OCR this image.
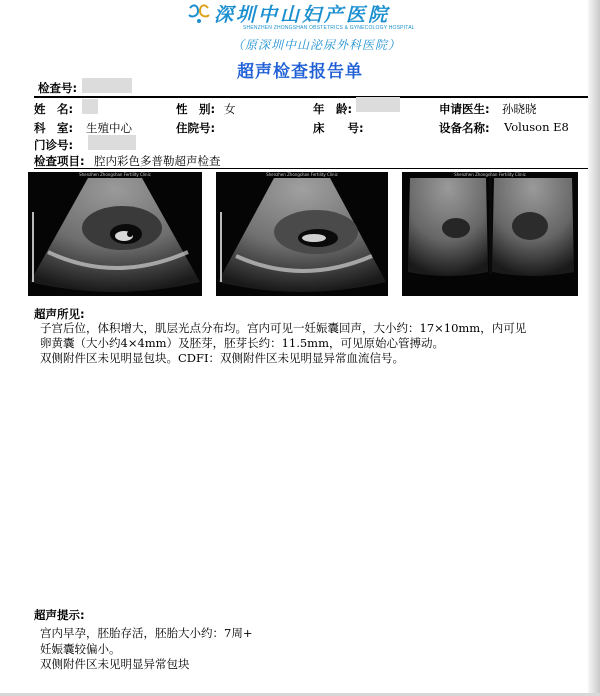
深圳中山妇产医院
SHENZHEN ZHONGSHAN OBSTETRICS & GYNECOLOGY HOSPITAL
（原深圳中山泌尿外科医院）
超声检查报告单
检查号:
姓　名:	性　别: 女	年　龄:	申请医生: 孙晓晓
科　室: 生殖中心	住院号:	床　　号:	设备名称: Voluson E8
门诊号:
检查项目: 腔内彩色多普勒超声检查
Shenzhen Zhongshan Fertility Clinic	Shenzhen Zhongshan Fertility Clinic	Shenzhen Zhongshan Fertility Clinic
超声所见:
子宫后位，体积增大，肌层光点分布均。宫内可见一妊娠囊回声，大小约：17×10mm，内可见
卵黄囊（大小约4×4mm）及胚芽，胚芽长约：11.5mm，可见原始心管搏动。
双侧附件区未见明显包块。CDFI：双侧附件区未见明显异常血流信号。
超声提示:
宫内早孕，胚胎存活，胚胎大小约：7周+
妊娠囊较偏小。
双侧附件区未见明显异常包块
